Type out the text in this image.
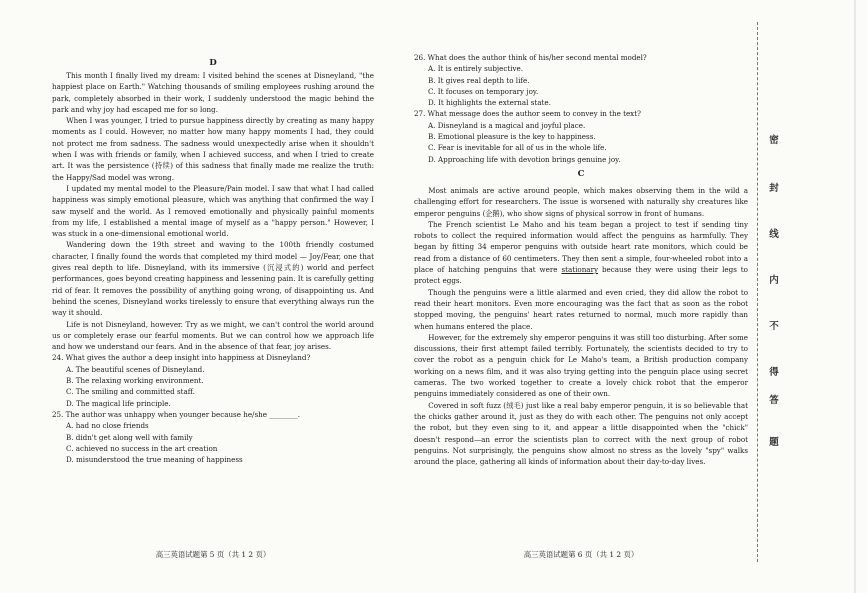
D
This month I finally lived my dream: I visited behind the scenes at Disneyland, "the happiest place on Earth." Watching thousands of smiling employees rushing around the park, completely absorbed in their work, I suddenly understood the magic behind the park and why joy had escaped me for so long.
When I was younger, I tried to pursue happiness directly by creating as many happy moments as I could. However, no matter how many happy moments I had, they could not protect me from sadness. The sadness would unexpectedly arise when it shouldn't when I was with friends or family, when I achieved success, and when I tried to create art. It was the persistence (持续) of this sadness that finally made me realize the truth: the Happy/Sad model was wrong.
I updated my mental model to the Pleasure/Pain model. I saw that what I had called happiness was simply emotional pleasure, which was anything that confirmed the way I saw myself and the world. As I removed emotionally and physically painful moments from my life, I established a mental image of myself as a "happy person." However, I was stuck in a one-dimensional emotional world.
Wandering down the 19th street and waving to the 100th friendly costumed character, I finally found the words that completed my third model — Joy/Fear, one that gives real depth to life. Disneyland, with its immersive (沉浸式的) world and perfect performances, goes beyond creating happiness and lessening pain. It is carefully getting rid of fear. It removes the possibility of anything going wrong, of disappointing us. And behind the scenes, Disneyland works tirelessly to ensure that everything always run the way it should.
Life is not Disneyland, however. Try as we might, we can't control the world around us or completely erase our fearful moments. But we can control how we approach life and how we understand our fears. And in the absence of that fear, joy arises.
24. What gives the author a deep insight into happiness at Disneyland?
A. The beautiful scenes of Disneyland.
B. The relaxing working environment.
C. The smiling and committed staff.
D. The magical life principle.
25. The author was unhappy when younger because he/she ________.
A. had no close friends
B. didn't get along well with family
C. achieved no success in the art creation
D. misunderstood the true meaning of happiness
高三英语试题第 5 页（共 1 2 页）
26. What does the author think of his/her second mental model?
A. It is entirely subjective.
B. It gives real depth to life.
C. It focuses on temporary joy.
D. It highlights the external state.
27. What message does the author seem to convey in the text?
A. Disneyland is a magical and joyful place.
B. Emotional pleasure is the key to happiness.
C. Fear is inevitable for all of us in the whole life.
D. Approaching life with devotion brings genuine joy.
C
Most animals are active around people, which makes observing them in the wild a challenging effort for researchers. The issue is worsened with naturally shy creatures like emperor penguins (企鹅), who show signs of physical sorrow in front of humans.
The French scientist Le Maho and his team began a project to test if sending tiny robots to collect the required information would affect the penguins as harmfully. They began by fitting 34 emperor penguins with outside heart rate monitors, which could be read from a distance of 60 centimeters. They then sent a simple, four-wheeled robot into a place of hatching penguins that were stationary because they were using their legs to protect eggs.
Though the penguins were a little alarmed and even cried, they did allow the robot to read their heart monitors. Even more encouraging was the fact that as soon as the robot stopped moving, the penguins' heart rates returned to normal, much more rapidly than when humans entered the place.
However, for the extremely shy emperor penguins it was still too disturbing. After some discussions, their first attempt failed terribly. Fortunately, the scientists decided to try to cover the robot as a penguin chick for Le Maho's team, a British production company working on a news film, and it was also trying getting into the penguin place using secret cameras. The two worked together to create a lovely chick robot that the emperor penguins immediately considered as one of their own.
Covered in soft fuzz (绒毛) just like a real baby emperor penguin, it is so believable that the chicks gather around it, just as they do with each other. The penguins not only accept the robot, but they even sing to it, and appear a little disappointed when the "chick" doesn't respond—an error the scientists plan to correct with the next group of robot penguins. Not surprisingly, the penguins show almost no stress as the lovely "spy" walks around the place, gathering all kinds of information about their day-to-day lives.
高三英语试题第 6 页（共 1 2 页）
密
封
线
内
不
得
答
题
